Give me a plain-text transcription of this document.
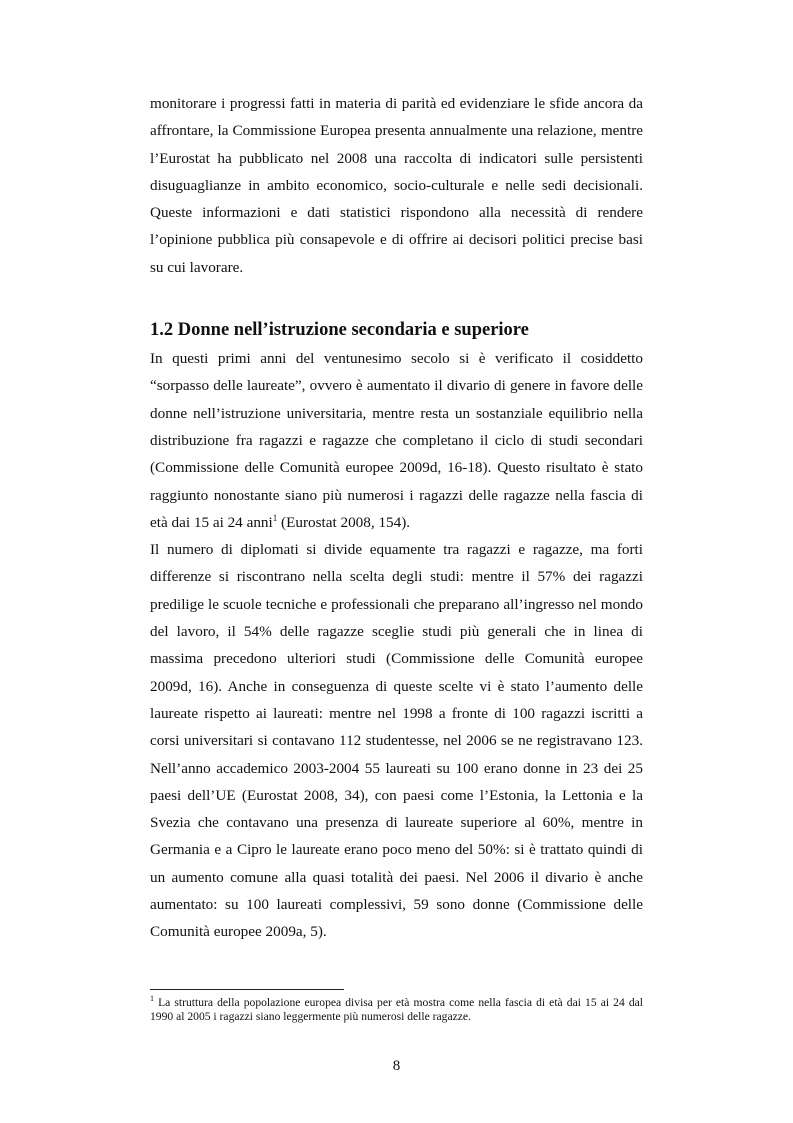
monitorare i progressi fatti in materia di parità ed evidenziare le sfide ancora da affrontare, la Commissione Europea presenta annualmente una relazione, mentre l’Eurostat ha pubblicato nel 2008 una raccolta di indicatori sulle persistenti disuguaglianze in ambito economico, socio-culturale e nelle sedi decisionali. Queste informazioni e dati statistici rispondono alla necessità di rendere l’opinione pubblica più consapevole e di offrire ai decisori politici precise basi su cui lavorare.

1.2 Donne nell’istruzione secondaria e superiore

In questi primi anni del ventunesimo secolo si è verificato il cosiddetto “sorpasso delle laureate”, ovvero è aumentato il divario di genere in favore delle donne nell’istruzione universitaria, mentre resta un sostanziale equilibrio nella distribuzione fra ragazzi e ragazze che completano il ciclo di studi secondari (Commissione delle Comunità europee 2009d, 16-18). Questo risultato è stato raggiunto nonostante siano più numerosi i ragazzi delle ragazze nella fascia di età dai 15 ai 24 anni$^1$ (Eurostat 2008, 154).

Il numero di diplomati si divide equamente tra ragazzi e ragazze, ma forti differenze si riscontrano nella scelta degli studi: mentre il 57% dei ragazzi predilige le scuole tecniche e professionali che preparano all’ingresso nel mondo del lavoro, il 54% delle ragazze sceglie studi più generali che in linea di massima precedono ulteriori studi (Commissione delle Comunità europee 2009d, 16). Anche in conseguenza di queste scelte vi è stato l’aumento delle laureate rispetto ai laureati: mentre nel 1998 a fronte di 100 ragazzi iscritti a corsi universitari si contavano 112 studentesse, nel 2006 se ne registravano 123. Nell’anno accademico 2003-2004 55 laureati su 100 erano donne in 23 dei 25 paesi dell’UE (Eurostat 2008, 34), con paesi come l’Estonia, la Lettonia e la Svezia che contavano una presenza di laureate superiore al 60%, mentre in Germania e a Cipro le laureate erano poco meno del 50%: si è trattato quindi di un aumento comune alla quasi totalità dei paesi. Nel 2006 il divario è anche aumentato: su 100 laureati complessivi, 59 sono donne (Commissione delle Comunità europee 2009a, 5).

$^1$ La struttura della popolazione europea divisa per età mostra come nella fascia di età dai 15 ai 24 dal 1990 al 2005 i ragazzi siano leggermente più numerosi delle ragazze.

8
